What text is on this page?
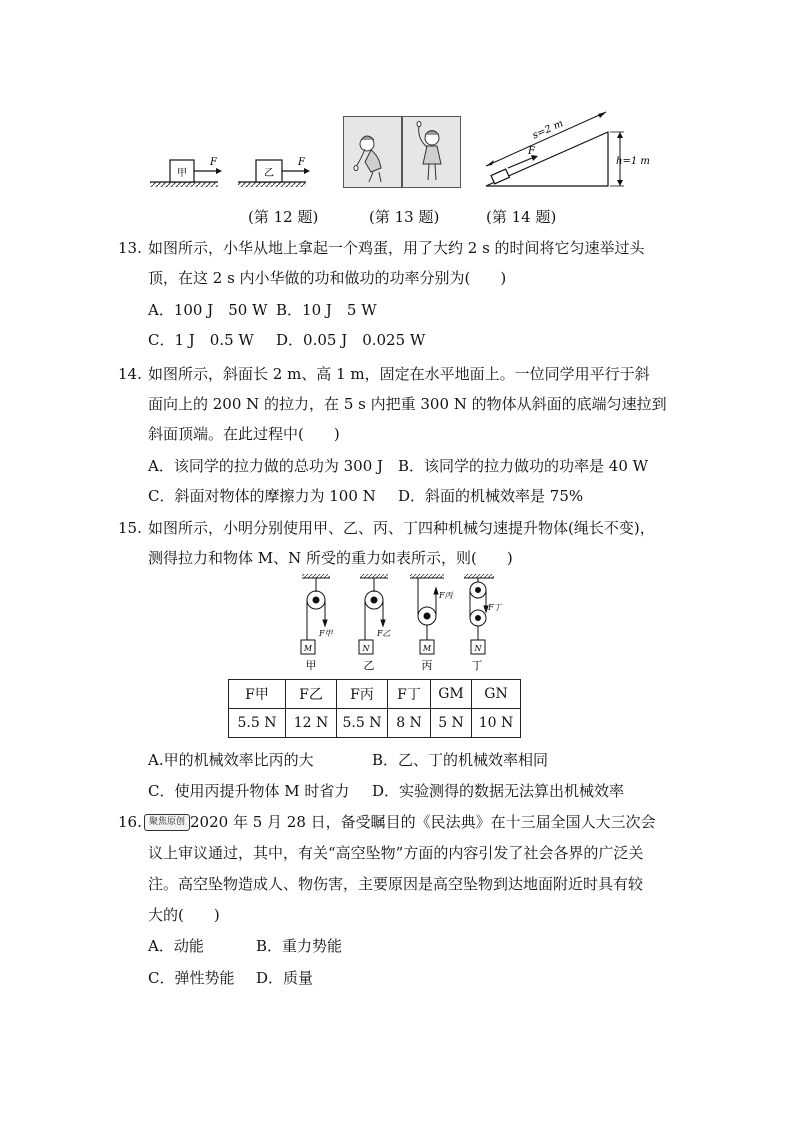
甲
F
乙
F
F
s=2 m
h=1 m
(第 12 题)	(第 13 题)	(第 14 题)
13. 如图所示，小华从地上拿起一个鸡蛋，用了大约 2 s 的时间将它匀速举过头
顶，在这 2 s 内小华做的功和做功的功率分别为(　　)
A．100 J　50 W B．10 J　5 W
C．1 J　0.5 W D．0.05 J　0.025 W
14. 如图所示，斜面长 2 m、高 1 m，固定在水平地面上。一位同学用平行于斜
面向上的 200 N 的拉力，在 5 s 内把重 300 N 的物体从斜面的底端匀速拉到
斜面顶端。在此过程中(　　)
A．该同学的拉力做的总功为 300 J B．该同学的拉力做功的功率是 40 W
C．斜面对物体的摩擦力为 100 N D．斜面的机械效率是 75%
15. 如图所示，小明分别使用甲、乙、丙、丁四种机械匀速提升物体(绳长不变)，
测得拉力和物体 M、N 所受的重力如表所示，则(　　)
F甲
M
甲
F乙
N
乙
F丙
M
丙
F丁
N
丁
F甲	F乙	F丙	F丁	GM	GN
5.5 N	12 N	5.5 N	8 N	5 N	10 N
A.甲的机械效率比丙的大	B．乙、丁的机械效率相同
C．使用丙提升物体 M 时省力 D．实验测得的数据无法算出机械效率
16. 聚焦原创 2020 年 5 月 28 日，备受瞩目的《民法典》在十三届全国人大三次会
议上审议通过，其中，有关“高空坠物”方面的内容引发了社会各界的广泛关
注。高空坠物造成人、物伤害，主要原因是高空坠物到达地面附近时具有较
大的(　　)
A．动能	B．重力势能
C．弹性势能 D．质量
